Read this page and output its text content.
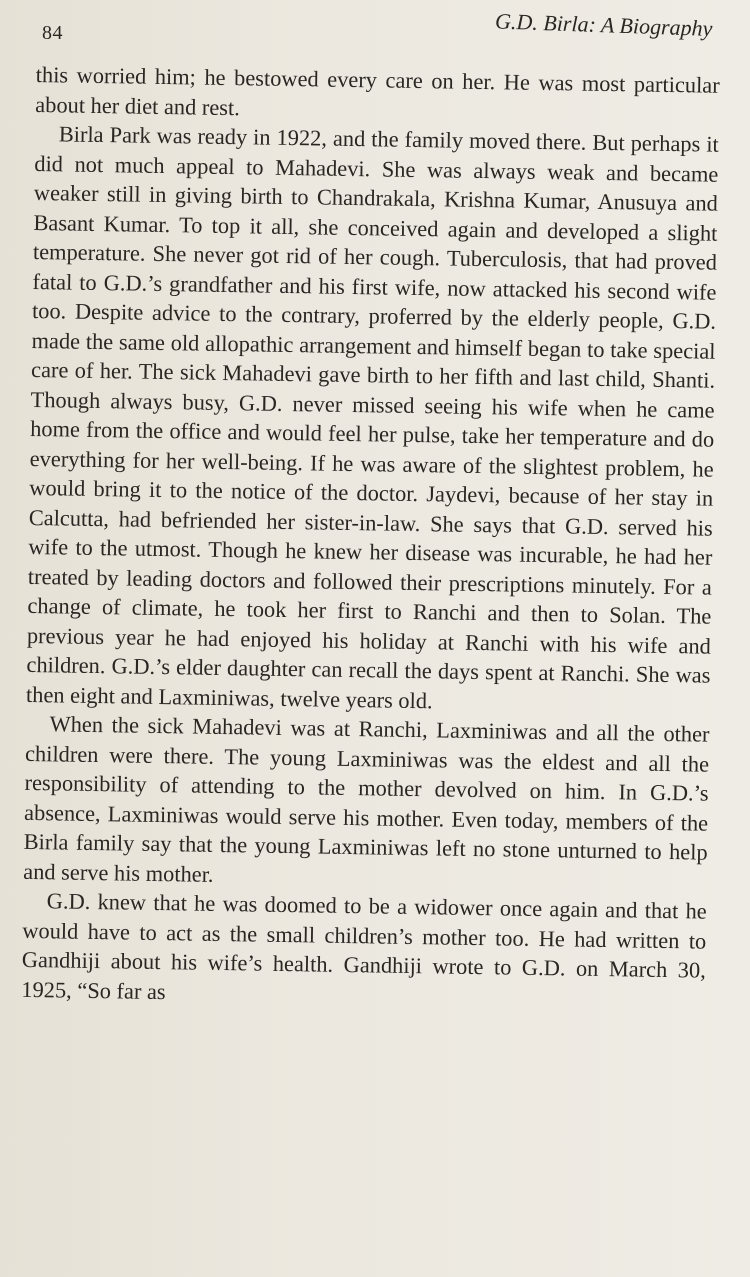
84	G.D. Birla: A Biography

this worried him; he bestowed every care on her. He was most particular about her diet and rest.

Birla Park was ready in 1922, and the family moved there. But perhaps it did not much appeal to Mahadevi. She was always weak and became weaker still in giving birth to Chandrakala, Krishna Kumar, Anusuya and Basant Kumar. To top it all, she conceived again and developed a slight temperature. She never got rid of her cough. Tuberculosis, that had proved fatal to G.D.’s grandfather and his first wife, now attacked his second wife too. Despite advice to the contrary, proferred by the elderly people, G.D. made the same old allopathic arrangement and himself began to take special care of her. The sick Mahadevi gave birth to her fifth and last child, Shanti. Though always busy, G.D. never missed seeing his wife when he came home from the office and would feel her pulse, take her temperature and do everything for her well-being. If he was aware of the slightest problem, he would bring it to the notice of the doctor. Jaydevi, because of her stay in Calcutta, had befriended her sister-in-law. She says that G.D. served his wife to the utmost. Though he knew her disease was incurable, he had her treated by leading doctors and followed their prescriptions minutely. For a change of climate, he took her first to Ranchi and then to Solan. The previous year he had enjoyed his holiday at Ranchi with his wife and children. G.D.’s elder daughter can recall the days spent at Ranchi. She was then eight and Laxminiwas, twelve years old.

When the sick Mahadevi was at Ranchi, Laxminiwas and all the other children were there. The young Laxminiwas was the eldest and all the responsibility of attending to the mother devolved on him. In G.D.’s absence, Laxminiwas would serve his mother. Even today, members of the Birla family say that the young Laxminiwas left no stone unturned to help and serve his mother.

G.D. knew that he was doomed to be a widower once again and that he would have to act as the small children’s mother too. He had written to Gandhiji about his wife’s health. Gandhiji wrote to G.D. on March 30, 1925, “So far as
